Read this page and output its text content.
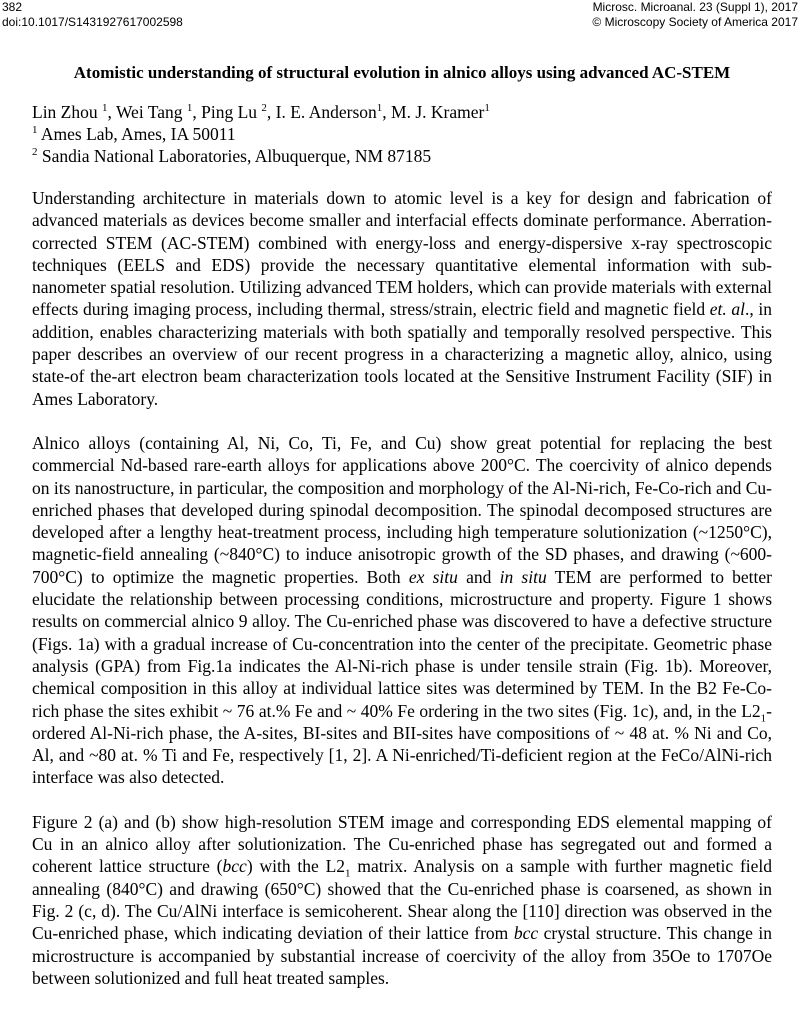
382
doi:10.1017/S1431927617002598
Microsc. Microanal. 23 (Suppl 1), 2017
© Microscopy Society of America 2017
Atomistic understanding of structural evolution in alnico alloys using advanced AC-STEM
Lin Zhou $^1$, Wei Tang $^1$, Ping Lu $^2$, I. E. Anderson$^1$, M. J. Kramer$^1$
$^1$ Ames Lab, Ames, IA 50011
$^2$ Sandia National Laboratories, Albuquerque, NM 87185

Understanding architecture in materials down to atomic level is a key for design and fabrication of advanced materials as devices become smaller and interfacial effects dominate performance. Aberration-corrected STEM (AC-STEM) combined with energy-loss and energy-dispersive x-ray spectroscopic techniques (EELS and EDS) provide the necessary quantitative elemental information with sub-nanometer spatial resolution. Utilizing advanced TEM holders, which can provide materials with external effects during imaging process, including thermal, stress/strain, electric field and magnetic field et. al., in addition, enables characterizing materials with both spatially and temporally resolved perspective. This paper describes an overview of our recent progress in a characterizing a magnetic alloy, alnico, using state-of the-art electron beam characterization tools located at the Sensitive Instrument Facility (SIF) in Ames Laboratory.

Alnico alloys (containing Al, Ni, Co, Ti, Fe, and Cu) show great potential for replacing the best commercial Nd-based rare-earth alloys for applications above 200°C. The coercivity of alnico depends on its nanostructure, in particular, the composition and morphology of the Al-Ni-rich, Fe-Co-rich and Cu-enriched phases that developed during spinodal decomposition. The spinodal decomposed structures are developed after a lengthy heat-treatment process, including high temperature solutionization (~1250°C), magnetic-field annealing (~840°C) to induce anisotropic growth of the SD phases, and drawing (~600-700°C) to optimize the magnetic properties. Both ex situ and in situ TEM are performed to better elucidate the relationship between processing conditions, microstructure and property. Figure 1 shows results on commercial alnico 9 alloy. The Cu-enriched phase was discovered to have a defective structure (Figs. 1a) with a gradual increase of Cu-concentration into the center of the precipitate. Geometric phase analysis (GPA) from Fig.1a indicates the Al-Ni-rich phase is under tensile strain (Fig. 1b). Moreover, chemical composition in this alloy at individual lattice sites was determined by TEM. In the B2 Fe-Co-rich phase the sites exhibit ~ 76 at.% Fe and ~ 40% Fe ordering in the two sites (Fig. 1c), and, in the $L2_1$-ordered Al-Ni-rich phase, the A-sites, BI-sites and BII-sites have compositions of ~ 48 at. % Ni and Co, Al, and ~80 at. % Ti and Fe, respectively [1, 2]. A Ni-enriched/Ti-deficient region at the FeCo/AlNi-rich interface was also detected.

Figure 2 (a) and (b) show high-resolution STEM image and corresponding EDS elemental mapping of Cu in an alnico alloy after solutionization. The Cu-enriched phase has segregated out and formed a coherent lattice structure (bcc) with the $L2_1$ matrix. Analysis on a sample with further magnetic field annealing (840°C) and drawing (650°C) showed that the Cu-enriched phase is coarsened, as shown in Fig. 2 (c, d). The Cu/AlNi interface is semicoherent. Shear along the [110] direction was observed in the Cu-enriched phase, which indicating deviation of their lattice from bcc crystal structure. This change in microstructure is accompanied by substantial increase of coercivity of the alloy from 35Oe to 1707Oe between solutionized and full heat treated samples.
